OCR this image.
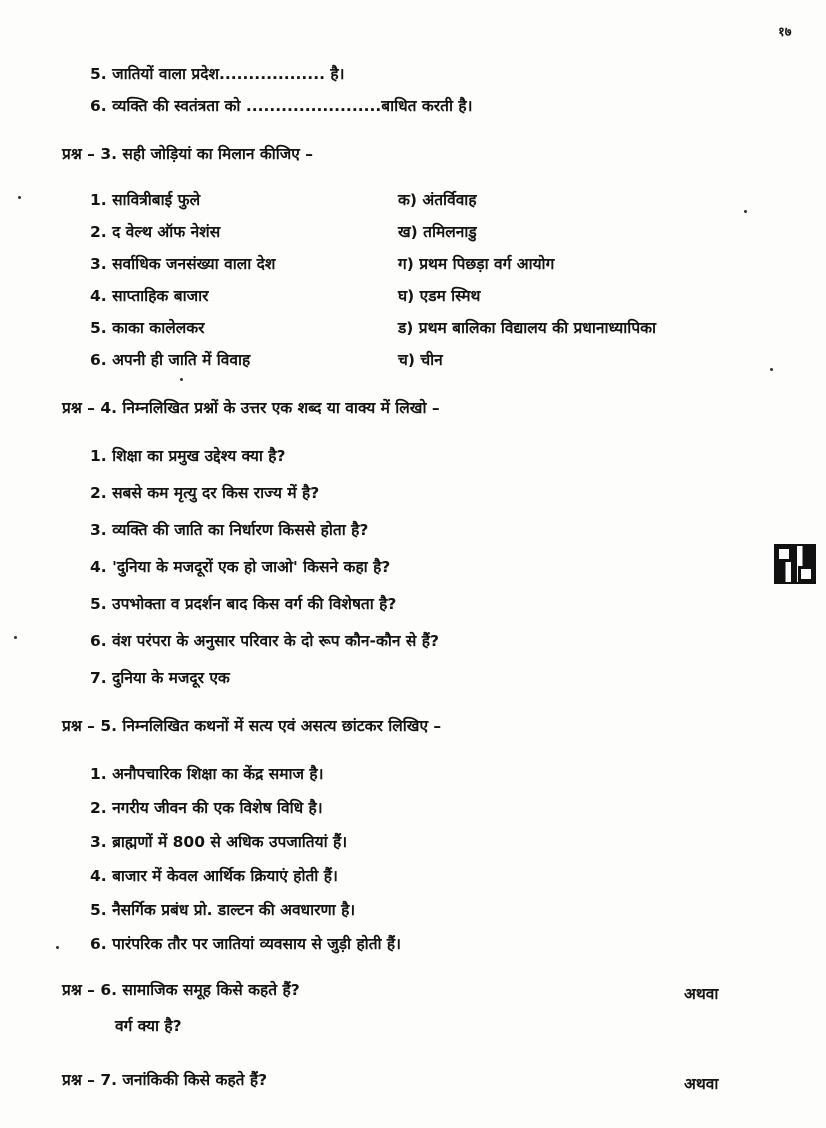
१७
5. जातियों वाला प्रदेश.................. है।
6. व्यक्ति की स्वतंत्रता को .......................बाधित करती है।
प्रश्न – 3. सही जोड़ियां का मिलान कीजिए –
1. सावित्रीबाई फुले
2. द वेल्थ ऑफ नेशंस
3. सर्वाधिक जनसंख्या वाला देश
4. साप्ताहिक बाजार
5. काका कालेलकर
6. अपनी ही जाति में विवाह
क) अंतर्विवाह
ख) तमिलनाडु
ग) प्रथम पिछड़ा वर्ग आयोग
घ) एडम स्मिथ
ड) प्रथम बालिका विद्यालय की प्रधानाध्यापिका
च) चीन
प्रश्न – 4. निम्नलिखित प्रश्नों के उत्तर एक शब्द या वाक्य में लिखो –
1. शिक्षा का प्रमुख उद्देश्य क्या है?
2. सबसे कम मृत्यु दर किस राज्य में है?
3. व्यक्ति की जाति का निर्धारण किससे होता है?
4. 'दुनिया के मजदूरों एक हो जाओ' किसने कहा है?
5. उपभोक्ता व प्रदर्शन बाद किस वर्ग की विशेषता है?
6. वंश परंपरा के अनुसार परिवार के दो रूप कौन-कौन से हैं?
7. दुनिया के मजदूर एक
प्रश्न – 5. निम्नलिखित कथनों में सत्य एवं असत्य छांटकर लिखिए –
1. अनौपचारिक शिक्षा का केंद्र समाज है।
2. नगरीय जीवन की एक विशेष विधि है।
3. ब्राह्मणों में 800 से अधिक उपजातियां हैं।
4. बाजार में केवल आर्थिक क्रियाएं होती हैं।
5. नैसर्गिक प्रबंध प्रो. डाल्टन की अवधारणा है।
6. पारंपरिक तौर पर जातियां व्यवसाय से जुड़ी होती हैं।
प्रश्न – 6. सामाजिक समूह किसे कहते हैं?	अथवा
वर्ग क्या है?
प्रश्न – 7. जनांकिकी किसे कहते हैं?	अथवा
